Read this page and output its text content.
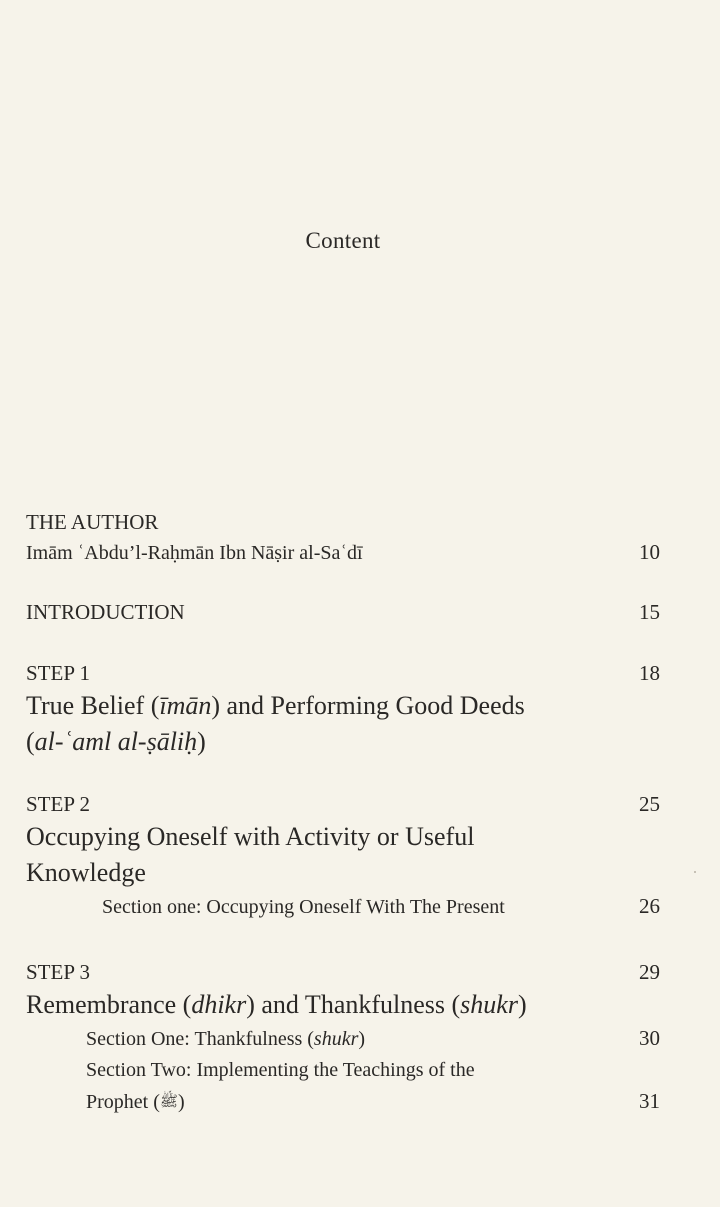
Content
THE AUTHOR
Imām ʿAbdu’l-Raḥmān Ibn Nāṣir al-Saʿdī	10
INTRODUCTION	15
STEP 1	18
True Belief (īmān) and Performing Good Deeds
(al-ʿaml al-ṣāliḥ)
STEP 2	25
Occupying Oneself with Activity or Useful
Knowledge
Section one: Occupying Oneself With The Present	26
STEP 3	29
Remembrance (dhikr) and Thankfulness (shukr)
Section One: Thankfulness (shukr)	30
Section Two: Implementing the Teachings of the
Prophet (ﷺ)	31
